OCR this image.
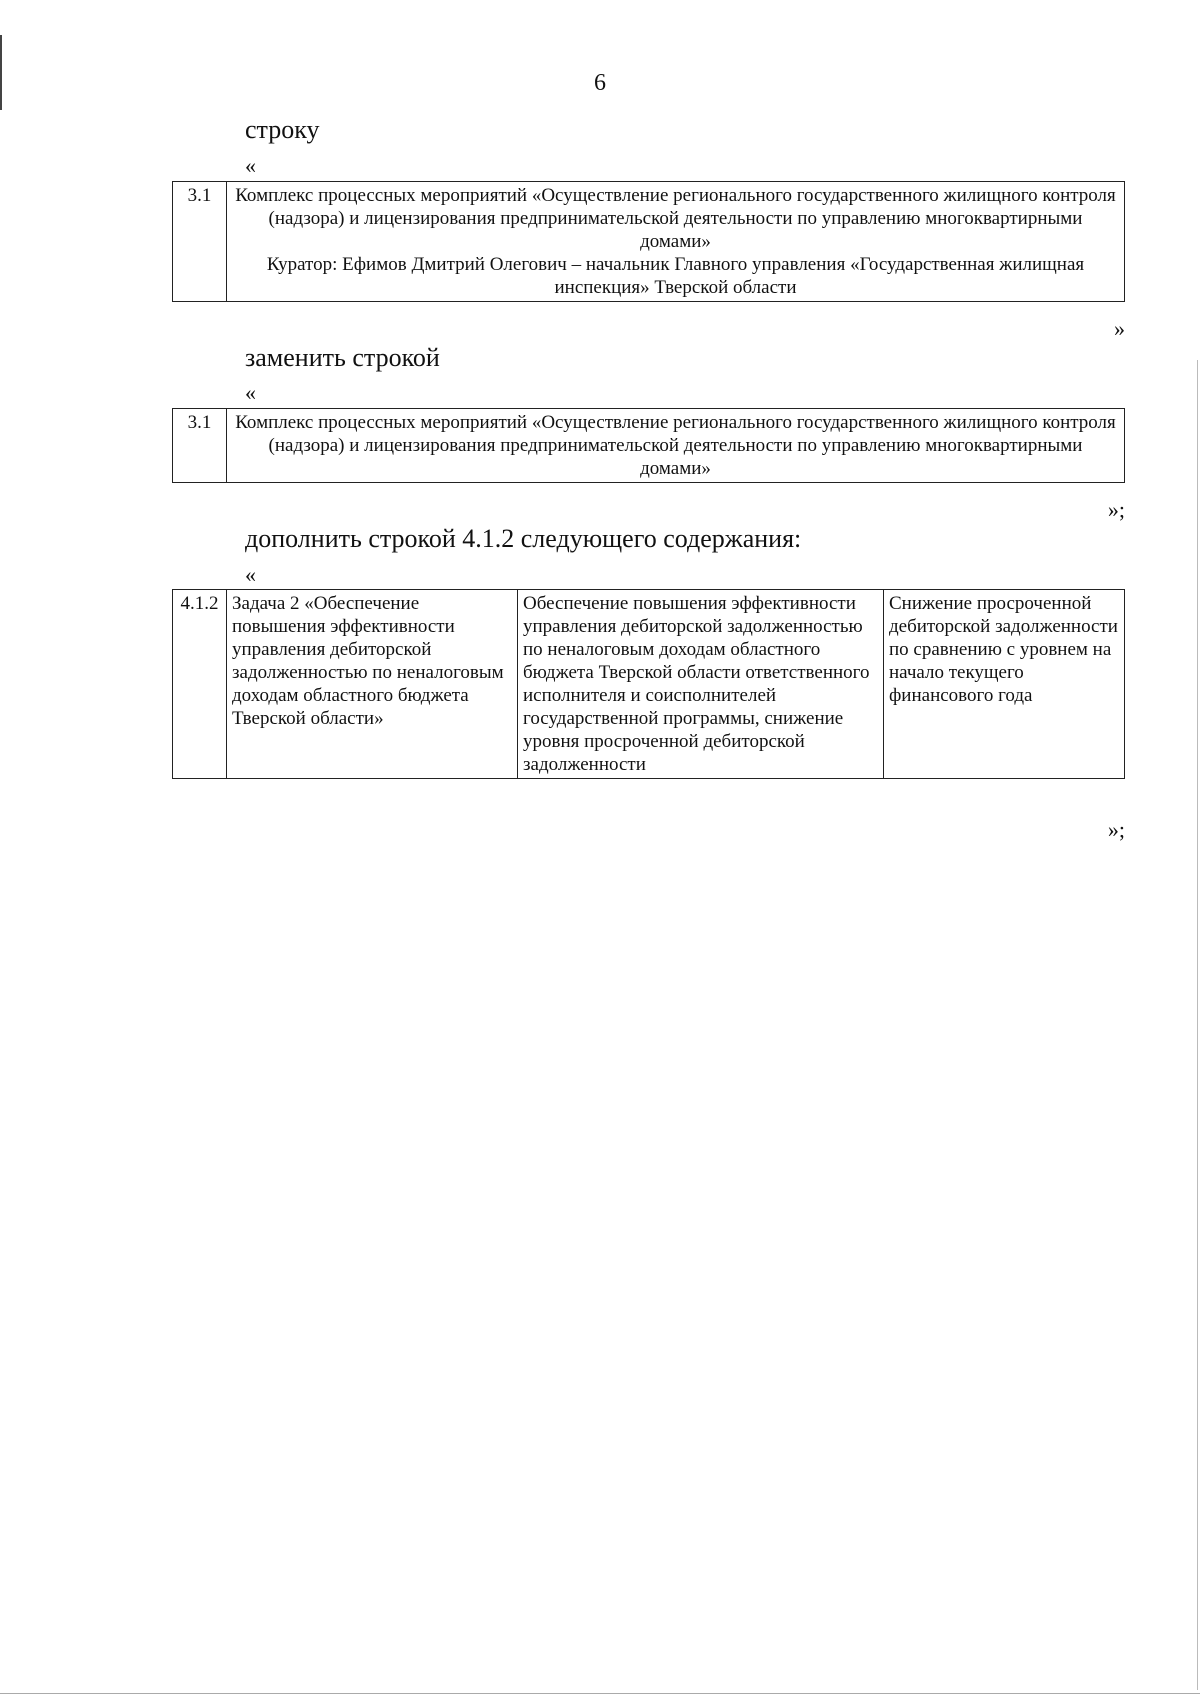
6
строку
«
3.1	Комплекс процессных мероприятий «Осуществление регионального государственного жилищного контроля (надзора) и лицензирования предпринимательской деятельности по управлению многоквартирными домами»
Куратор: Ефимов Дмитрий Олегович – начальник Главного управления «Государственная жилищная инспекция» Тверской области
»
заменить строкой
«
3.1	Комплекс процессных мероприятий «Осуществление регионального государственного жилищного контроля (надзора) и лицензирования предпринимательской деятельности по управлению многоквартирными домами»
»;
дополнить строкой 4.1.2 следующего содержания:
«
4.1.2	Задача 2 «Обеспечение повышения эффективности управления дебиторской задолженностью по неналоговым доходам областного бюджета Тверской области»	Обеспечение повышения эффективности управления дебиторской задолженностью по неналоговым доходам областного бюджета Тверской области ответственного исполнителя и соисполнителей государственной программы, снижение уровня просроченной дебиторской задолженности	Снижение просроченной дебиторской задолженности по сравнению с уровнем на начало текущего финансового года
»;
